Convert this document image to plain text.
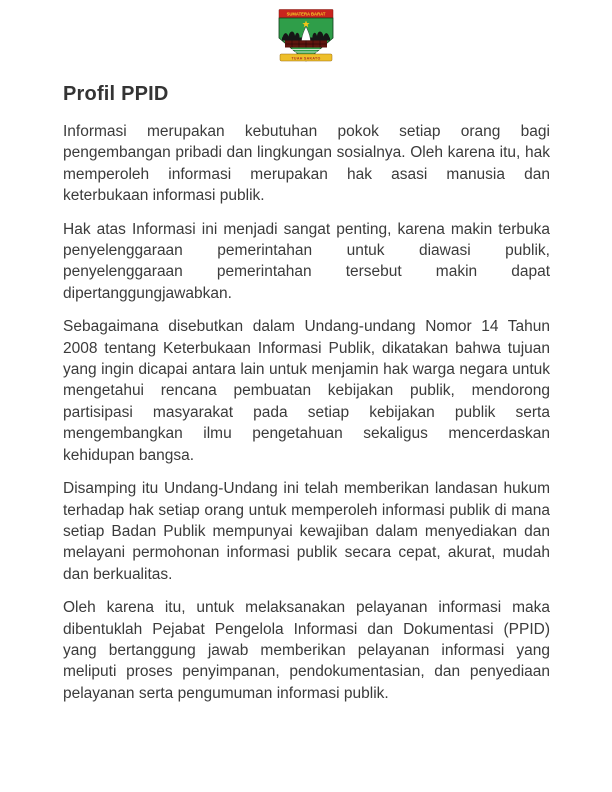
SUMATERA BARAT
TUAH SAKATO
Profil PPID

Informasi merupakan kebutuhan pokok setiap orang bagi pengembangan pribadi dan lingkungan sosialnya. Oleh karena itu, hak memperoleh informasi merupakan hak asasi manusia dan keterbukaan informasi publik.

Hak atas Informasi ini menjadi sangat penting, karena makin terbuka penyelenggaraan pemerintahan untuk diawasi publik, penyelenggaraan pemerintahan tersebut makin dapat dipertanggungjawabkan.

Sebagaimana disebutkan dalam Undang-undang Nomor 14 Tahun 2008 tentang Keterbukaan Informasi Publik, dikatakan bahwa tujuan yang ingin dicapai antara lain untuk menjamin hak warga negara untuk mengetahui rencana pembuatan kebijakan publik, mendorong partisipasi masyarakat pada setiap kebijakan publik serta mengembangkan ilmu pengetahuan sekaligus mencerdaskan kehidupan bangsa.

Disamping itu Undang-Undang ini telah memberikan landasan hukum terhadap hak setiap orang untuk memperoleh informasi publik di mana setiap Badan Publik mempunyai kewajiban dalam menyediakan dan melayani permohonan informasi publik secara cepat, akurat, mudah dan berkualitas.

Oleh karena itu, untuk melaksanakan pelayanan informasi maka dibentuklah Pejabat Pengelola Informasi dan Dokumentasi (PPID) yang bertanggung jawab memberikan pelayanan informasi yang meliputi proses penyimpanan, pendokumentasian, dan penyediaan pelayanan serta pengumuman informasi publik.
